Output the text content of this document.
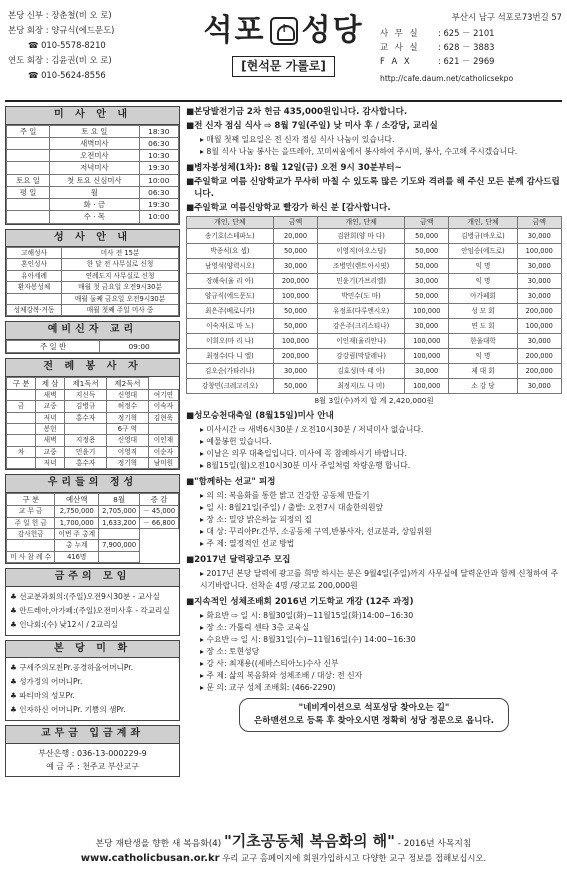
본당 신부 : 장춘철(비 오 로)
본당 회장 : 양규식(에드문도)
☎ 010-5578-8210
연도 회장 : 김윤권(비 오 로)
☎ 010-5624-8556
석포
✝ 성당
[현석문 가롤로]
부산시 남구 석포로73번길 57
사 무 실	: 625 － 2101
교 사 실	: 628 － 3883
F A X	: 621 － 2969
http://cafe.daum.net/catholicsekpo
미 사 안 내
주 일	토 요 일	18:30
	새벽미사	06:30
	오전미사	10:30
	저녁미사	19:30
토요 일	첫 토요 신심미사	10:00
평 일	월	06:30
	화 · 금	19:30
	수 · 목	10:00
성 사 안 내
고해성사	미사 전 15분
혼인성사	한 달 전 사무실로 신청
유아세례	연례도지 사무실로 신청
환자봉성체	매월 첫 금요일 오전9시30분
	매월 둘째 금요일 오전9시30분
성체강복·거동	매월 첫째 주일 미사 중
예비신자 교리
주 일 반	09:00
전 례 봉 사 자
구 분	제 삼	제1독서	제2독서	
	새벽	지신득	신영대	여기연
금	교중	김병규	허정수	이숙자
	저녁	홍수자	정기혁	김현욱
	봉헌		6구 역	
	새벽	지정용	신영대	이인재
차	교중	민윤기	이영직	이순자
	저녁	홍수자	정기혁	남미원
우리들의 정성
구 분	예산액	8월	증 감
교 무 금	2,750,000	2,705,000	－ 45,000
주 일 헌 금	1,700,000	1,633,200	－ 66,800
감사헌금	이번 주 총계		
	총 누계	7,900,000	
미 사 참 례 수	416명		
금주의 모임
♣ 선교분과회의:(주일)오전9시30분 - 교사실
♣ 안드레아,아가페:(주일)오전미사후 - 각교리실
♣ 인나회:(수) 낮12시 / 2교리실
본 당 미 화
♣ 구세주의모친Pr.공경하올어머니Pr.
♣ 성가정의 어머니Pr.
♣ 파티마의 성모Pr.
♣ 인자하신 어머니Pr. 기쁨의 샘Pr.
교무금 입금계좌
부산은행 : 036-13-000229-9
예 금 주 : 천주교 부산교구
■ 본당발전기금 2차 헌금 435,000원입니다. 감사합니다.
■ 전 신자 점심 식사 ⇨ 8월 7일(주일) 낮 미사 후 / 소강당, 교리실
▸ 매월 첫째 일요일은 전 신자 점심 식사 나눔이 있습니다.
▸ 8월 식사 나눔 봉사는 을뜨레아, 꼬미씨움에서 봉사하여 주시며, 봉사, 수고해 주시겠습니다.
■ 병자봉성체(1차): 8월 12일(금) 오전 9시 30분부터~
■ 주일학교 여름 신앙학교가 무사히 마칠 수 있도록 많은 기도와 격려를 해 주신 모든 분께 감사드립니다.
■ 주일학교 여름신앙학교 빨강가 하신 분 [감사합니다.
개인, 단체	금액	개인, 단체	금액	개인, 단체	금액
송기호(스테파노)	20,000	김완희(양 마 다)	50,000	김병규(바오로)	30,000
박종식(요 셉)	50,000	이영직(아오스딩)	50,000	안임승(에드로)	100,000
남영석(양력시오)	30,000	조병민(렌트아시핏)	50,000	익 명	30,000
장해숙(율 리 아)	200,000	민윤기(가브리엘)	30,000	익 명	30,000
양규식(에드문도)	100,000	박민수(도 마)	50,000	아가페회	30,000
최은주(베로니카)	50,000	유정표(다루엔시오)	100,000	성 모 회	200,000
이숙자(로 마 노)	50,000	강은주(크리스티나)	30,000	연 도 회	100,000
이희오(마 리 나)	100,000	이인재(율리안나)	100,000	한울대학	30,000
최정수(다 니 엘)	200,000	강강림(막달레나)	100,000	익 명	200,000
김오순(가타리나)	30,000	김효성(마 태 아)	30,000	제 대 회	200,000
강창민(크레고리오)	50,000	최정저(도 나 미)	100,000	소 강 당	30,000
8월 3일(수)까지 합 계 2,420,000원
■ 성모승천대축일 (8월15일)미사 안내
▸ 미사시간 ⇨ 새벽6시30분 / 오전10시30분 / 저녁미사 없습니다.
▸ 예물봉헌 있습니다.
▸ 이날은 의무 대축일입니다. 미사에 꼭 참례하시기 바랍니다.
▸ 8월15일(월)오전10시30분 미사 주일처럼 차량운행 합니다.
■ "함께하는 선교" 피정
▸ 의 의: 복음화를 통한 밝고 건강한 공동체 만들기
▸ 일 시: 8월21일(주일) / 출발: 오전7시 대솔한의원앞
▸ 장 소: 밀양 밝은하늘 피정의 집
▸ 대 상: 꾸리아Pr.간부, 소공동체 구역,반봉사자, 선교분과, 상임위원
▸ 주 제: 열정적인 선교 방법
■ 2017년 달력광고주 모집
▸ 2017년 본당 달력에 광고를 희망 하시는 분은 9월4일(주일)까지 사무실에 달력운안과 함께 신청하여 주시기바랍니다. 선착순 4명 /광고료 200,000원
■ 지속적인 성체조배회 2016년 기도학교 개강 (12주 과정)
▸ 화요반 ⇨ 일 시: 8월30일(화)~11월15일(화)14:00~16:30
▸ 장 소: 가톨릭 센타 3층 교육실
▸ 수요반 ⇨ 일 시: 8월31일(수)~11월16일(수) 14:00~16:30
▸ 장 소: 토현성당
▸ 강 사: 최재용((세바스티아노)수사 신부
▸ 주 제: 삶의 복음화와 성체조배 / 대상: 전 신자
▸ 문 의: 교구 성체 조배회: (466-2290)
"네비게이션으로 석포성당 찾아오는 길"
은하맨션으로 등록 후 찾아오시면 정확히 성당 정문으로 옵니다.
본당 재탄생을 향한 새 복음화(4) "기초공동체 복음화의 해" - 2016년 사목지침
www.catholicbusan.or.kr 우리 교구 홈페이지에 회원가입하시고 다양한 교구 정보를 접해보십시오.
